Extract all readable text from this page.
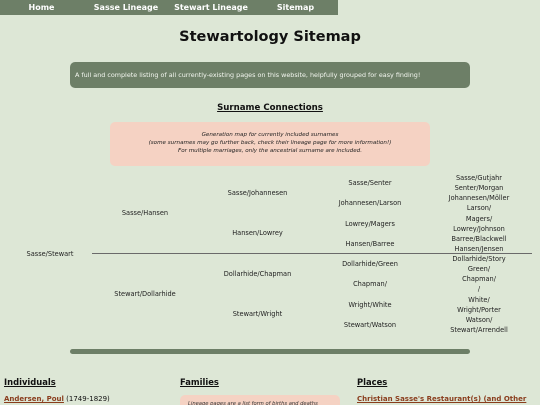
Home	Sasse Lineage	Stewart Lineage	Sitemap
Stewartology Sitemap
A full and complete listing of all currently-existing pages on this website, helpfully grouped for easy finding!
Surname Connections
Generation map for currently included surnames
(some surnames may go further back, check their lineage page for more information!)
For multiple marriages, only the ancestrial surname are included.
Sasse/Stewart
Sasse/Hansen
Stewart/Dollarhide
Sasse/Johannesen
Hansen/Lowrey
Dollarhide/Chapman
Stewart/Wright
Sasse/Senter
Johannesen/Larson
Lowrey/Magers
Hansen/Barree
Dollarhide/Green
Chapman/
Wright/White
Stewart/Watson
Sasse/Gutjahr
Senter/Morgan
Johannesen/Möller
Larson/
Magers/
Lowrey/Johnson
Barree/Blackwell
Hansen/Jensen
Dollarhide/Story
Green/
Chapman/
/
White/
Wright/Porter
Watson/
Stewart/Arrendell
Individuals	Families	Places
Andersen, Poul (1749-1829)
Lineage pages are a list form of births and deaths
Christian Sasse's Restaurant(s) (and Other
